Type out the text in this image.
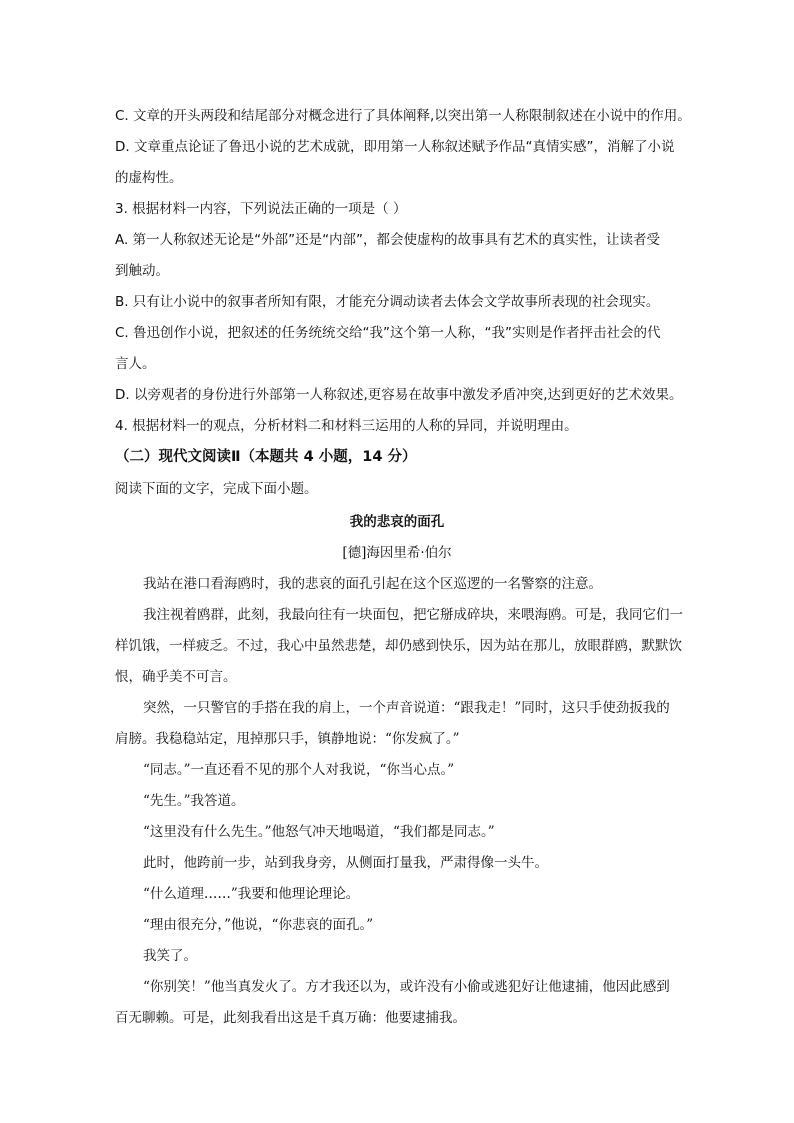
C. 文章的开头两段和结尾部分对概念进行了具体阐释,以突出第一人称限制叙述在小说中的作用。
D. 文章重点论证了鲁迅小说的艺术成就，即用第一人称叙述赋予作品“真情实感”，消解了小说
的虚构性。
3. 根据材料一内容，下列说法正确的一项是（ ）
A. 第一人称叙述无论是“外部”还是“内部”，都会使虚构的故事具有艺术的真实性，让读者受
到触动。
B. 只有让小说中的叙事者所知有限，才能充分调动读者去体会文学故事所表现的社会现实。
C. 鲁迅创作小说，把叙述的任务统统交给“我”这个第一人称，“我”实则是作者抨击社会的代
言人。
D. 以旁观者的身份进行外部第一人称叙述,更容易在故事中激发矛盾冲突,达到更好的艺术效果。
4. 根据材料一的观点，分析材料二和材料三运用的人称的异同，并说明理由。
（二）现代文阅读Ⅱ（本题共 4 小题，14 分）
阅读下面的文字，完成下面小题。
我的悲哀的面孔
[德]海因里希·伯尔
我站在港口看海鸥时，我的悲哀的面孔引起在这个区巡逻的一名警察的注意。
我注视着鸥群，此刻，我最向往有一块面包，把它掰成碎块，来喂海鸥。可是，我同它们一
样饥饿，一样疲乏。不过，我心中虽然悲楚，却仍感到快乐，因为站在那儿，放眼群鸥，默默饮
恨，确乎美不可言。
突然，一只警官的手搭在我的肩上，一个声音说道：“跟我走！”同时，这只手使劲扳我的
肩膀。我稳稳站定，甩掉那只手，镇静地说：“你发疯了。”
“同志。”一直还看不见的那个人对我说，“你当心点。”
“先生。”我答道。
“这里没有什么先生。”他怒气冲天地喝道，“我们都是同志。”
此时，他跨前一步，站到我身旁，从侧面打量我，严肃得像一头牛。
“什么道理……”我要和他理论理论。
“理由很充分，”他说，“你悲哀的面孔。”
我笑了。
“你别笑！”他当真发火了。方才我还以为，或许没有小偷或逃犯好让他逮捕，他因此感到
百无聊赖。可是，此刻我看出这是千真万确：他要逮捕我。
